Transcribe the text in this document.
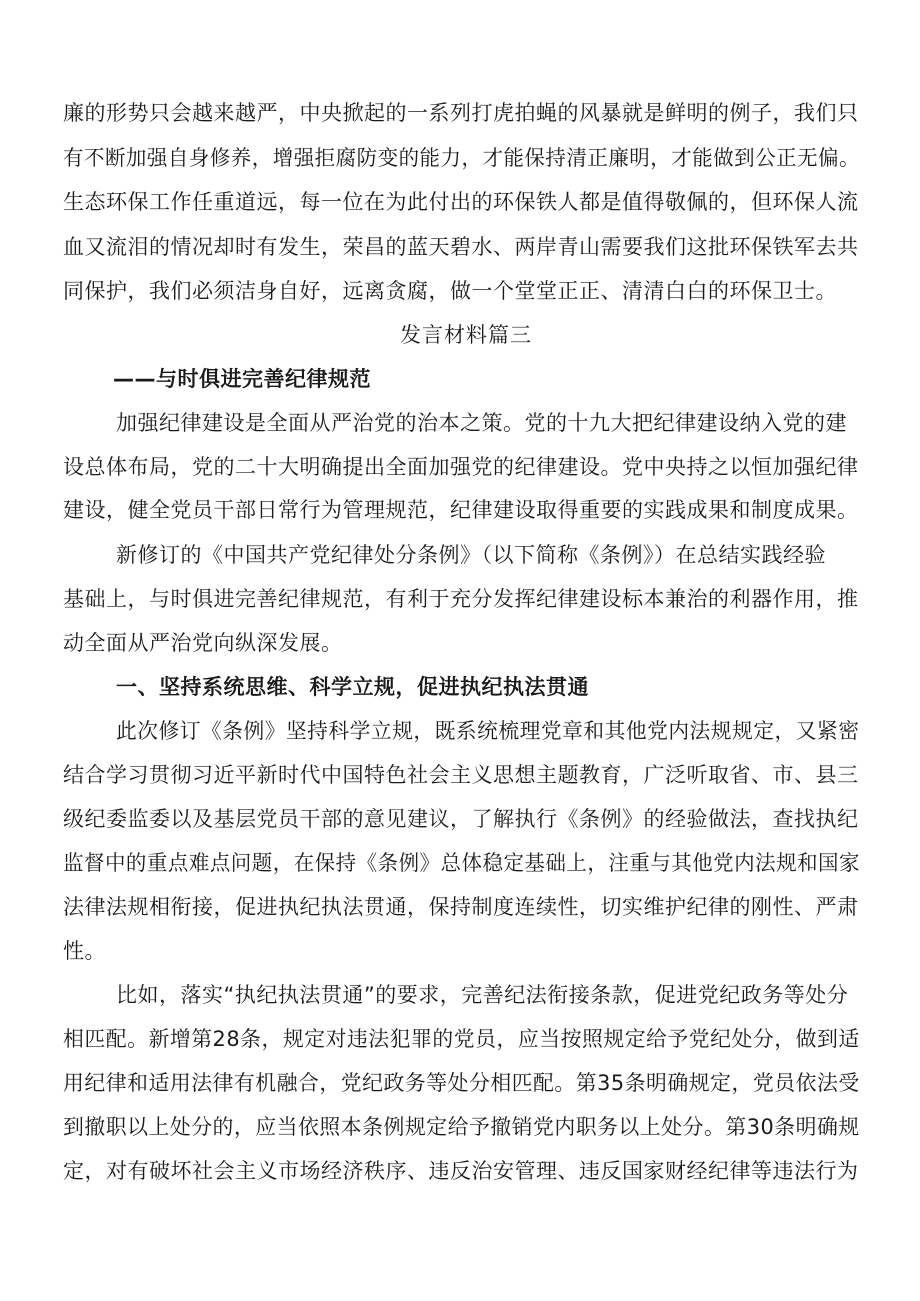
廉的形势只会越来越严，中央掀起的一系列打虎拍蝇的风暴就是鲜明的例子，我们只
有不断加强自身修养，增强拒腐防变的能力，才能保持清正廉明，才能做到公正无偏。
生态环保工作任重道远，每一位在为此付出的环保铁人都是值得敬佩的，但环保人流
血又流泪的情况却时有发生，荣昌的蓝天碧水、两岸青山需要我们这批环保铁军去共
同保护，我们必须洁身自好，远离贪腐，做一个堂堂正正、清清白白的环保卫士。
发言材料篇三
——与时俱进完善纪律规范
加强纪律建设是全面从严治党的治本之策。党的十九大把纪律建设纳入党的建
设总体布局，党的二十大明确提出全面加强党的纪律建设。党中央持之以恒加强纪律
建设，健全党员干部日常行为管理规范，纪律建设取得重要的实践成果和制度成果。
新修订的《中国共产党纪律处分条例》（以下简称《条例》）在总结实践经验
基础上，与时俱进完善纪律规范，有利于充分发挥纪律建设标本兼治的利器作用，推
动全面从严治党向纵深发展。
一、坚持系统思维、科学立规，促进执纪执法贯通
此次修订《条例》坚持科学立规，既系统梳理党章和其他党内法规规定，又紧密
结合学习贯彻习近平新时代中国特色社会主义思想主题教育，广泛听取省、市、县三
级纪委监委以及基层党员干部的意见建议，了解执行《条例》的经验做法，查找执纪
监督中的重点难点问题，在保持《条例》总体稳定基础上，注重与其他党内法规和国家
法律法规相衔接，促进执纪执法贯通，保持制度连续性，切实维护纪律的刚性、严肃
性。
比如，落实“执纪执法贯通”的要求，完善纪法衔接条款，促进党纪政务等处分
相匹配。新增第28条，规定对违法犯罪的党员，应当按照规定给予党纪处分，做到适
用纪律和适用法律有机融合，党纪政务等处分相匹配。第35条明确规定，党员依法受
到撤职以上处分的，应当依照本条例规定给予撤销党内职务以上处分。第30条明确规
定，对有破坏社会主义市场经济秩序、违反治安管理、违反国家财经纪律等违法行为
